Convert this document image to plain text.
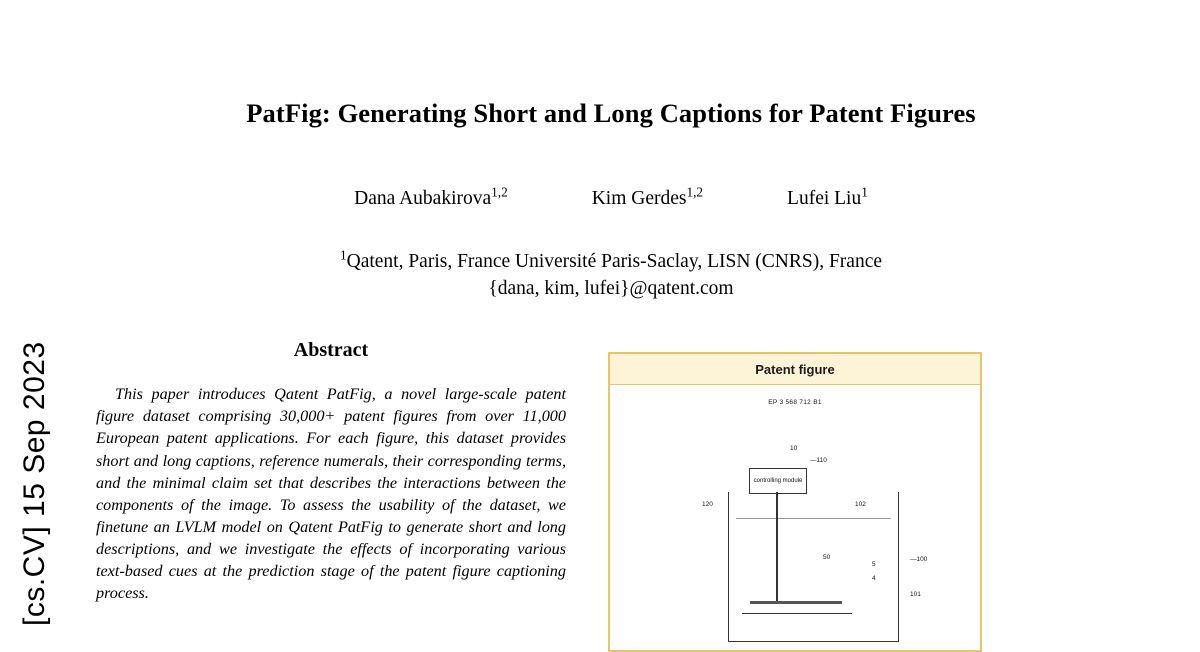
[cs.CV] 15 Sep 2023
PatFig: Generating Short and Long Captions for Patent Figures
Dana Aubakirova$^{1,2}$	Kim Gerdes$^{1,2}$	Lufei Liu$^1$
$^1$Qatent, Paris, France Université Paris-Saclay, LISN (CNRS), France
{dana, kim, lufei}@qatent.com
Abstract
This paper introduces Qatent PatFig, a novel large-scale patent figure dataset comprising 30,000+ patent figures from over 11,000 European patent applications. For each figure, this dataset provides short and long captions, reference numerals, their corresponding terms, and the minimal claim set that describes the interactions between the components of the image. To assess the usability of the dataset, we finetune an LVLM model on Qatent PatFig to generate short and long descriptions, and we investigate the effects of incorporating various text-based cues at the prediction stage of the patent figure captioning process.
Patent figure
EP 3 568 712 B1
10
controlling module
—110
120	102
—100
101
50
5
4
